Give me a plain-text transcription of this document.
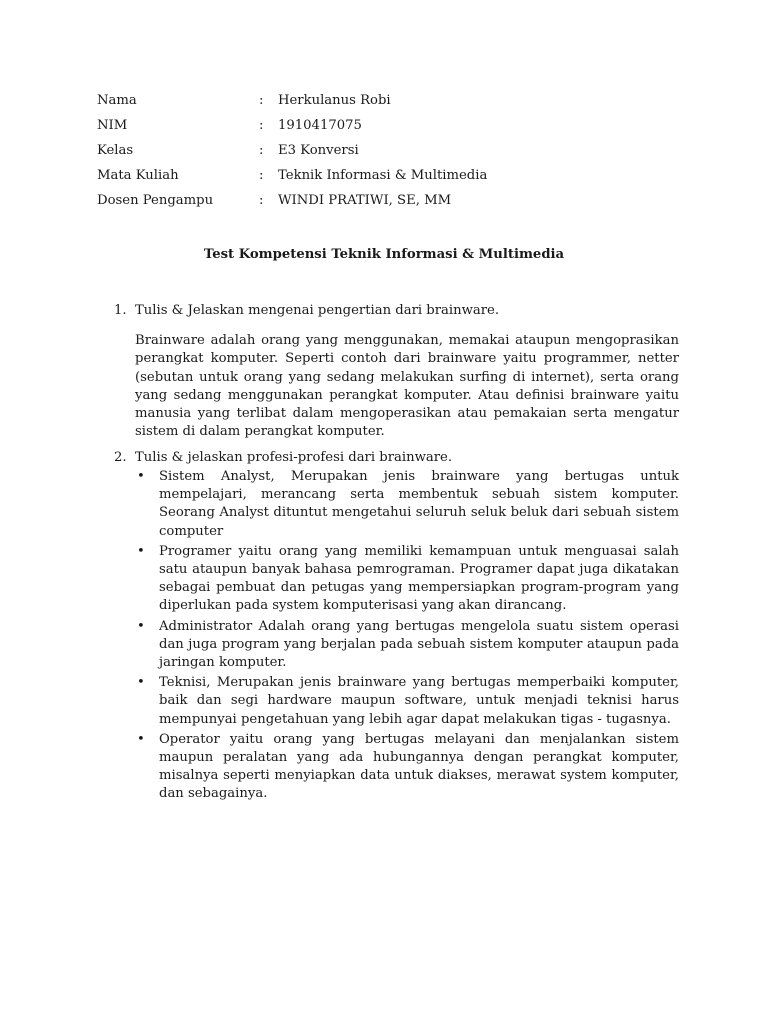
Nama	:	Herkulanus Robi
NIM	:	1910417075
Kelas	:	E3 Konversi
Mata Kuliah	:	Teknik Informasi & Multimedia
Dosen Pengampu	:	WINDI PRATIWI, SE, MM
Test Kompetensi Teknik Informasi & Multimedia
1. Tulis & Jelaskan mengenai pengertian dari brainware.
Brainware adalah orang yang menggunakan, memakai ataupun mengoprasikan perangkat komputer. Seperti contoh dari brainware yaitu programmer, netter (sebutan untuk orang yang sedang melakukan surfing di internet), serta orang yang sedang menggunakan perangkat komputer. Atau definisi brainware yaitu manusia yang terlibat dalam mengoperasikan atau pemakaian serta mengatur sistem di dalam perangkat komputer.
2. Tulis & jelaskan profesi-profesi dari brainware.
• Sistem Analyst, Merupakan jenis brainware yang bertugas untuk mempelajari, merancang serta membentuk sebuah sistem komputer. Seorang Analyst dituntut mengetahui seluruh seluk beluk dari sebuah sistem computer
• Programer yaitu orang yang memiliki kemampuan untuk menguasai salah satu ataupun banyak bahasa pemrograman. Programer dapat juga dikatakan sebagai pembuat dan petugas yang mempersiapkan program-program yang diperlukan pada system komputerisasi yang akan dirancang.
• Administrator Adalah orang yang bertugas mengelola suatu sistem operasi dan juga program yang berjalan pada sebuah sistem komputer ataupun pada jaringan komputer.
• Teknisi, Merupakan jenis brainware yang bertugas memperbaiki komputer, baik dan segi hardware maupun software, untuk menjadi teknisi harus mempunyai pengetahuan yang lebih agar dapat melakukan tigas - tugasnya.
• Operator yaitu orang yang bertugas melayani dan menjalankan sistem maupun peralatan yang ada hubungannya dengan perangkat komputer, misalnya seperti menyiapkan data untuk diakses, merawat system komputer, dan sebagainya.
